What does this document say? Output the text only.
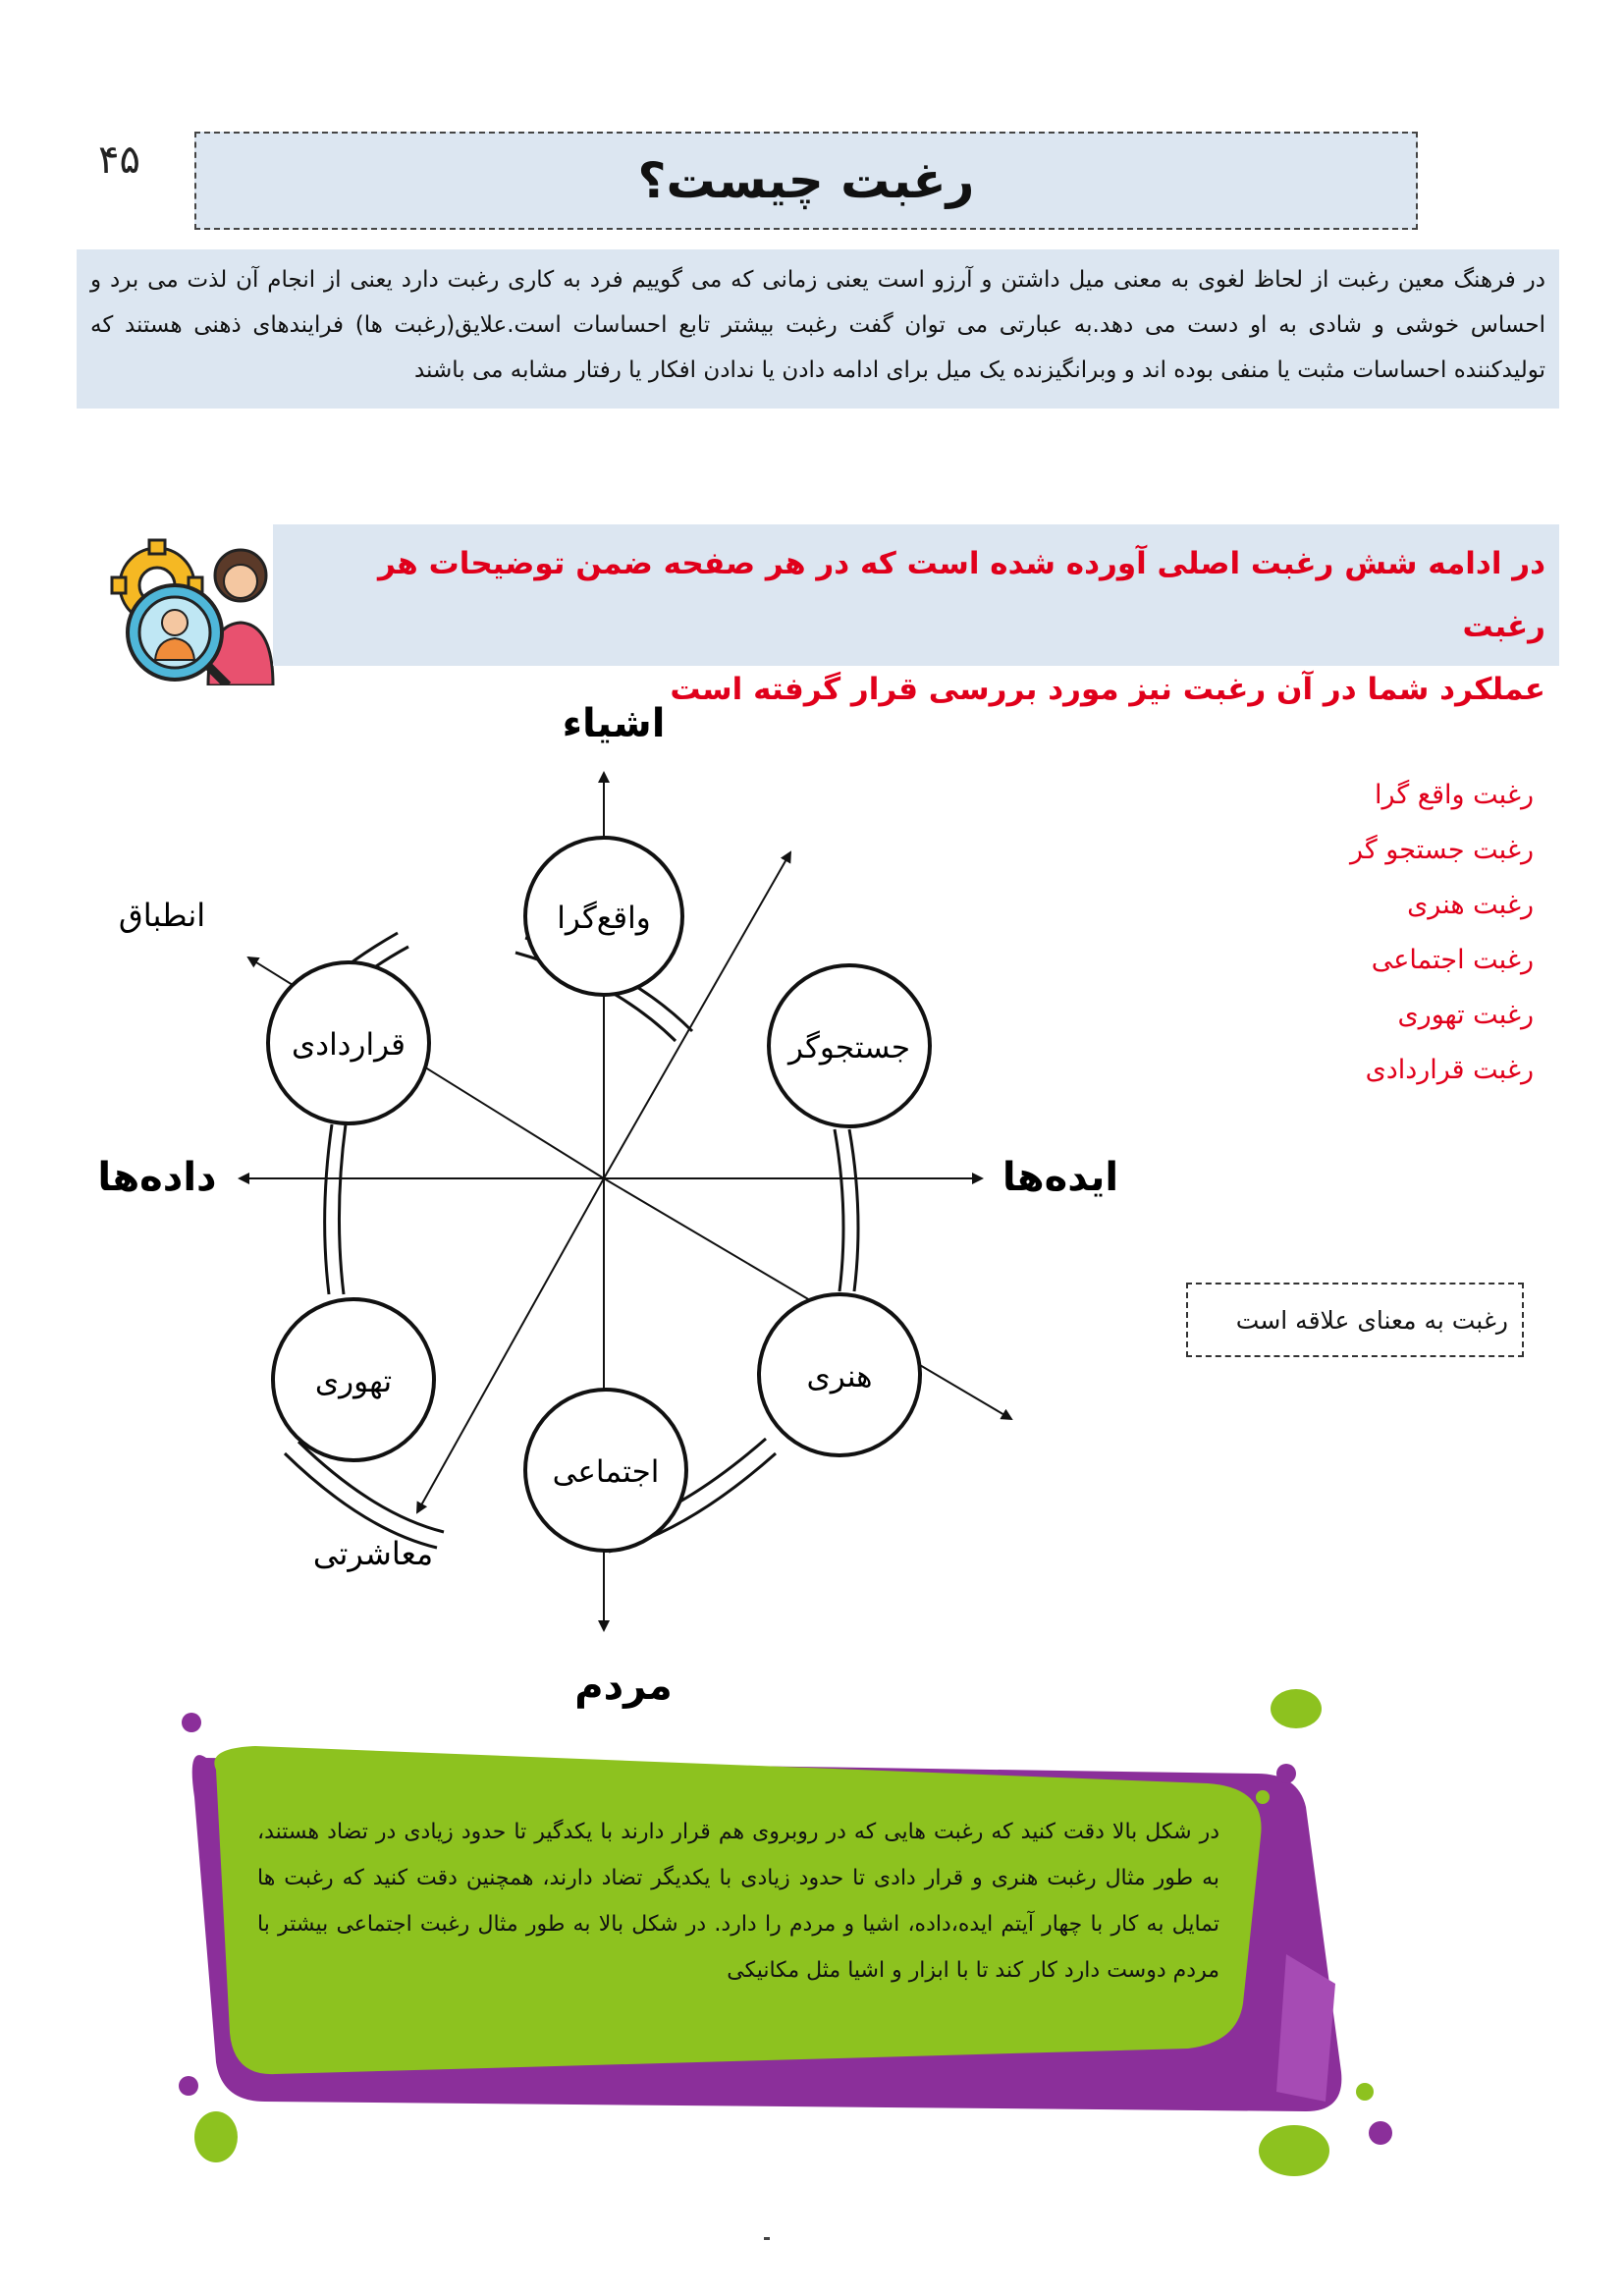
۴۵	رغبت چیست؟
در فرهنگ معین رغبت از لحاظ لغوی به معنی میل داشتن و آرزو است یعنی زمانی که می گوییم فرد به کاری رغبت دارد یعنی از انجام آن لذت می برد و احساس خوشی و شادی به او دست می دهد.به عبارتی می توان گفت رغبت بیشتر تابع احساسات است.علایق(رغبت ها) فرایندهای ذهنی هستند که تولیدکننده احساسات مثبت یا منفی بوده اند و وبرانگیزنده یک میل برای ادامه دادن یا ندادن افکار یا رفتار مشابه می باشند
در ادامه شش رغبت اصلی آورده شده است که در هر صفحه ضمن توضیحات هر رغبت
عملکرد شما در آن رغبت نیز مورد بررسی قرار گرفته است
واقع‌گرا
جستجوگر
هنری
اجتماعی
تهوری
قراردادی
اشیاء
مردم
داده‌ها	ایده‌ها
انطباق
معاشرتی
رغبت واقع گرا
رغبت جستجو گر
رغبت هنری
رغبت اجتماعی
رغبت تهوری
رغبت قراردادی
رغبت به معنای علاقه است
در شکل بالا دقت کنید که رغبت هایی که در روبروی هم قرار دارند با یکدگیر تا حدود زیادی در تضاد هستند، به طور مثال رغبت هنری و قرار دادی تا حدود زیادی با یکدیگر تضاد دارند، همچنین دقت کنید که رغبت ها تمایل به کار با چهار آیتم ایده،داده، اشیا و مردم را دارد. در شکل بالا به طور مثال رغبت اجتماعی بیشتر با مردم دوست دارد کار کند تا با ابزار و اشیا مثل مکانیکی
